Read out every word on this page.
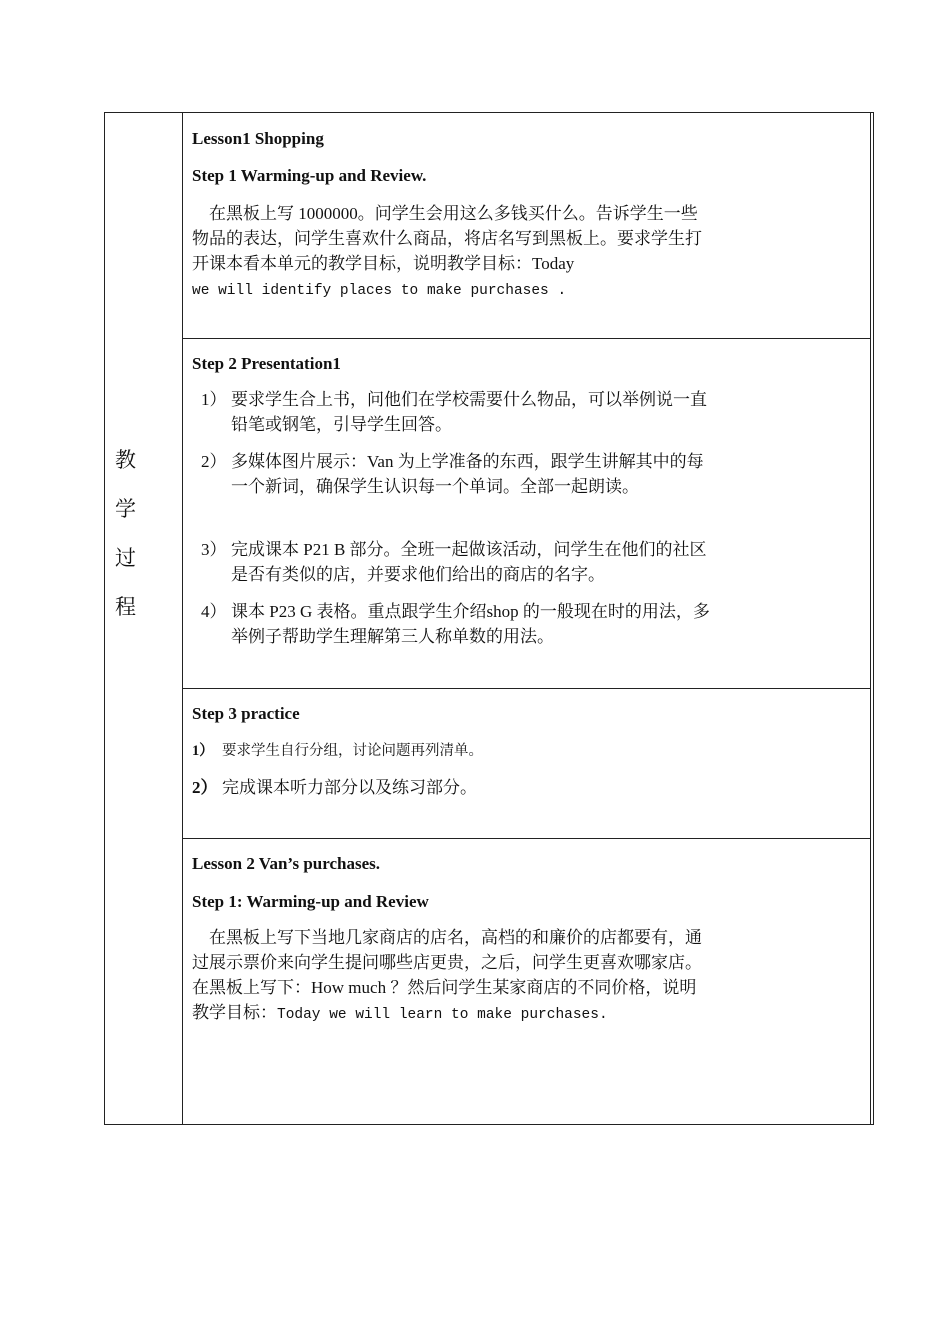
教
学
过
程
Lesson1 Shopping
Step 1 Warming-up and Review.
　在黑板上写 1000000。问学生会用这么多钱买什么。告诉学生一些物品的表达，问学生喜欢什么商品，将店名写到黑板上。要求学生打开课本看本单元的教学目标，说明教学目标：Today
we will identify places to make purchases .
Step 2 Presentation1
1） 要求学生合上书，问他们在学校需要什么物品，可以举例说一直铅笔或钢笔，引导学生回答。
2） 多媒体图片展示：Van 为上学准备的东西，跟学生讲解其中的每一个新词，确保学生认识每一个单词。全部一起朗读。
3） 完成课本 P21 B 部分。全班一起做该活动，问学生在他们的社区是否有类似的店，并要求他们给出的商店的名字。
4） 课本 P23 G 表格。重点跟学生介绍shop 的一般现在时的用法，多举例子帮助学生理解第三人称单数的用法。
Step 3 practice
1） 要求学生自行分组，讨论问题再列清单。
2） 完成课本听力部分以及练习部分。
Lesson 2 Van’s purchases.
Step 1: Warming-up and Review
　在黑板上写下当地几家商店的店名，高档的和廉价的店都要有，通过展示票价来向学生提问哪些店更贵，之后，问学生更喜欢哪家店。在黑板上写下：How much ？然后问学生某家商店的不同价格，说明教学目标：Today we will learn to make purchases.
